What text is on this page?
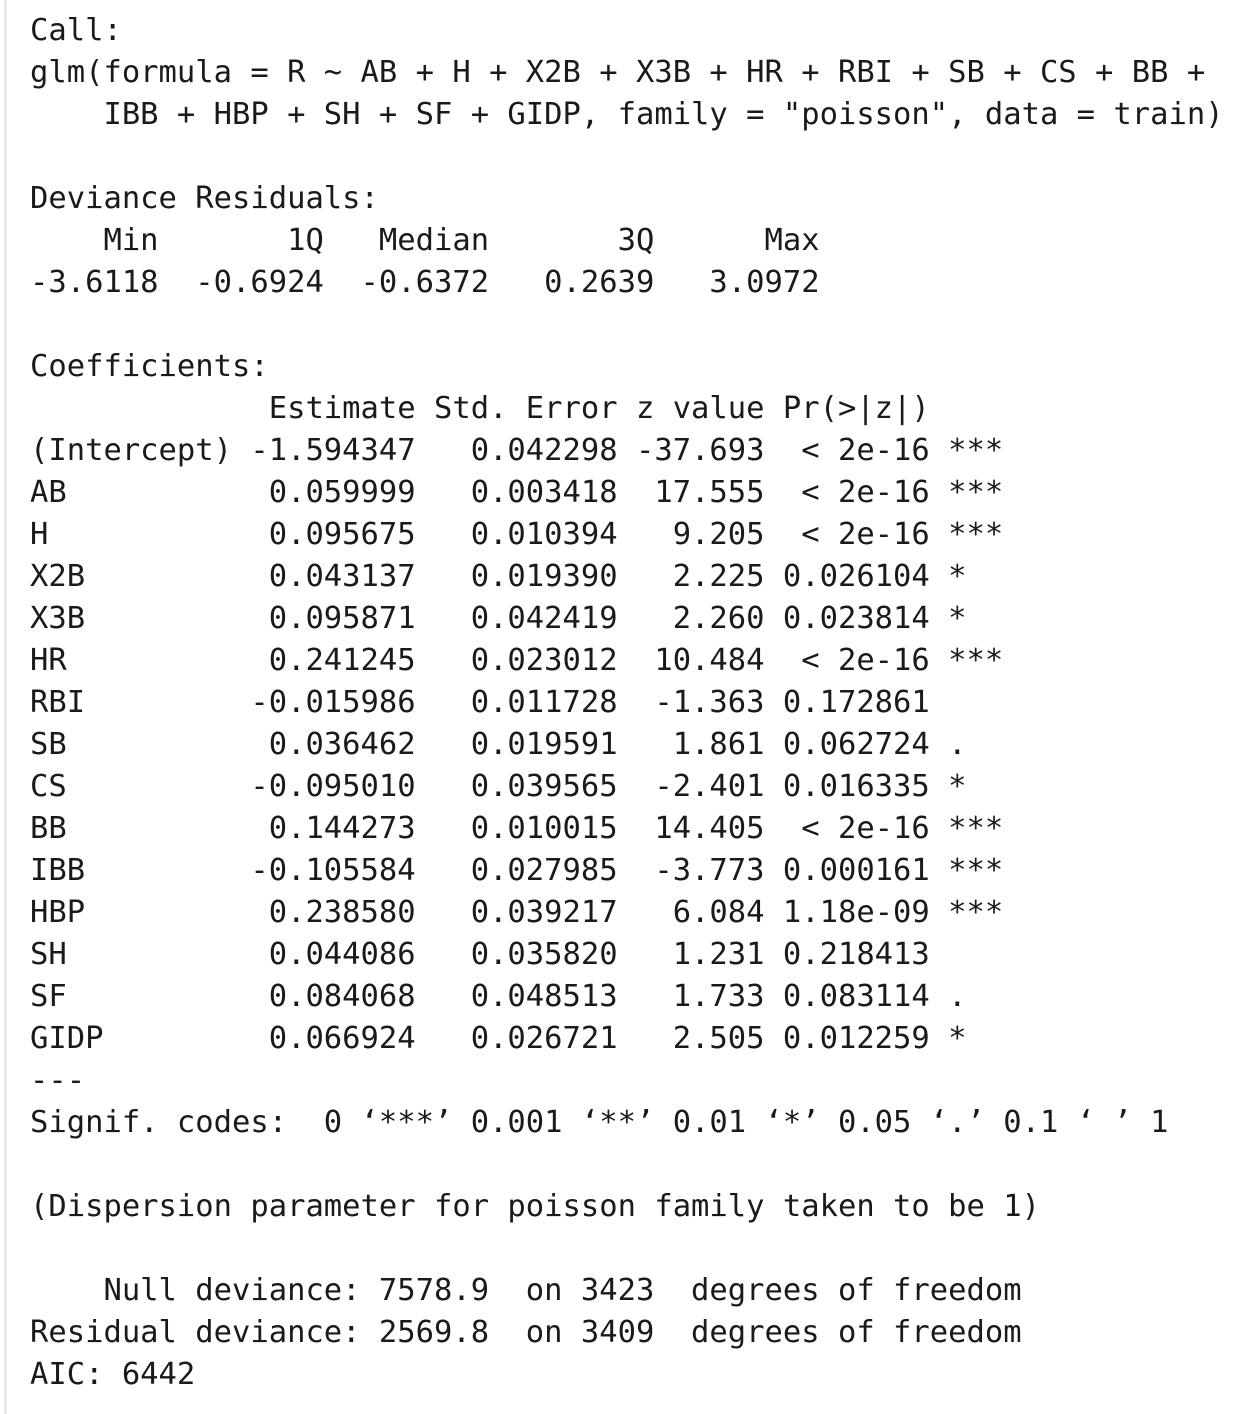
Call:
glm(formula = R ~ AB + H + X2B + X3B + HR + RBI + SB + CS + BB +
IBB + HBP + SH + SF + GIDP, family = "poisson", data = train)
Deviance Residuals:
Min       1Q   Median       3Q      Max
-3.6118  -0.6924  -0.6372   0.2639   3.0972
Coefficients:
Estimate Std. Error z value Pr(>|z|)
(Intercept) -1.594347   0.042298 -37.693  < 2e-16 ***
AB           0.059999   0.003418  17.555  < 2e-16 ***
H            0.095675   0.010394   9.205  < 2e-16 ***
X2B          0.043137   0.019390   2.225 0.026104 *
X3B          0.095871   0.042419   2.260 0.023814 *
HR           0.241245   0.023012  10.484  < 2e-16 ***
RBI         -0.015986   0.011728  -1.363 0.172861
SB           0.036462   0.019591   1.861 0.062724 .
CS          -0.095010   0.039565  -2.401 0.016335 *
BB           0.144273   0.010015  14.405  < 2e-16 ***
IBB         -0.105584   0.027985  -3.773 0.000161 ***
HBP          0.238580   0.039217   6.084 1.18e-09 ***
SH           0.044086   0.035820   1.231 0.218413
SF           0.084068   0.048513   1.733 0.083114 .
GIDP         0.066924   0.026721   2.505 0.012259 *
---
Signif. codes:  0 ‘***’ 0.001 ‘**’ 0.01 ‘*’ 0.05 ‘.’ 0.1 ‘ ’ 1
(Dispersion parameter for poisson family taken to be 1)
Null deviance: 7578.9  on 3423  degrees of freedom
Residual deviance: 2569.8  on 3409  degrees of freedom
AIC: 6442
